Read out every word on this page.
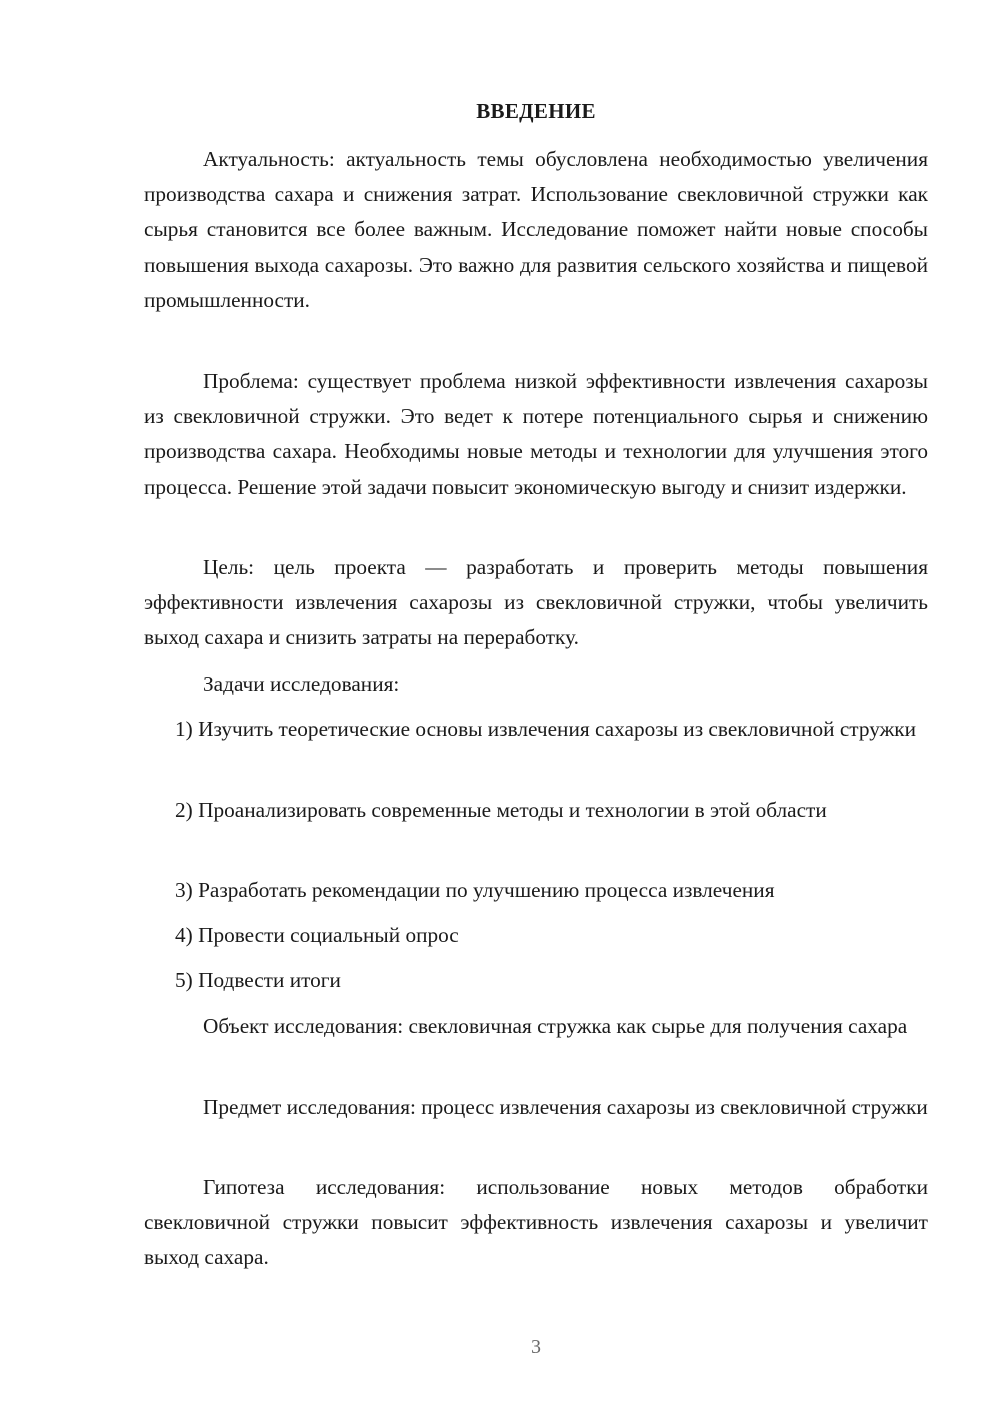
ВВЕДЕНИЕ

Актуальность: актуальность темы обусловлена необходимостью увеличения производства сахара и снижения затрат. Использование свекловичной стружки как сырья становится все более важным. Исследование поможет найти новые способы повышения выхода сахарозы. Это важно для развития сельского хозяйства и пищевой промышленности.

Проблема: существует проблема низкой эффективности извлечения сахарозы из свекловичной стружки. Это ведет к потере потенциального сырья и снижению производства сахара. Необходимы новые методы и технологии для улучшения этого процесса. Решение этой задачи повысит экономическую выгоду и снизит издержки.

Цель: цель проекта — разработать и проверить методы повышения эффективности извлечения сахарозы из свекловичной стружки, чтобы увеличить выход сахара и снизить затраты на переработку.

Задачи исследования:

1) Изучить теоретические основы извлечения сахарозы из свекловичной стружки

2) Проанализировать современные методы и технологии в этой области

3) Разработать рекомендации по улучшению процесса извлечения

4) Провести социальный опрос

5) Подвести итоги

Объект исследования: свекловичная стружка как сырье для получения сахара

Предмет исследования: процесс извлечения сахарозы из свекловичной стружки

Гипотеза исследования: использование новых методов обработки свекловичной стружки повысит эффективность извлечения сахарозы и увеличит выход сахара.

3
